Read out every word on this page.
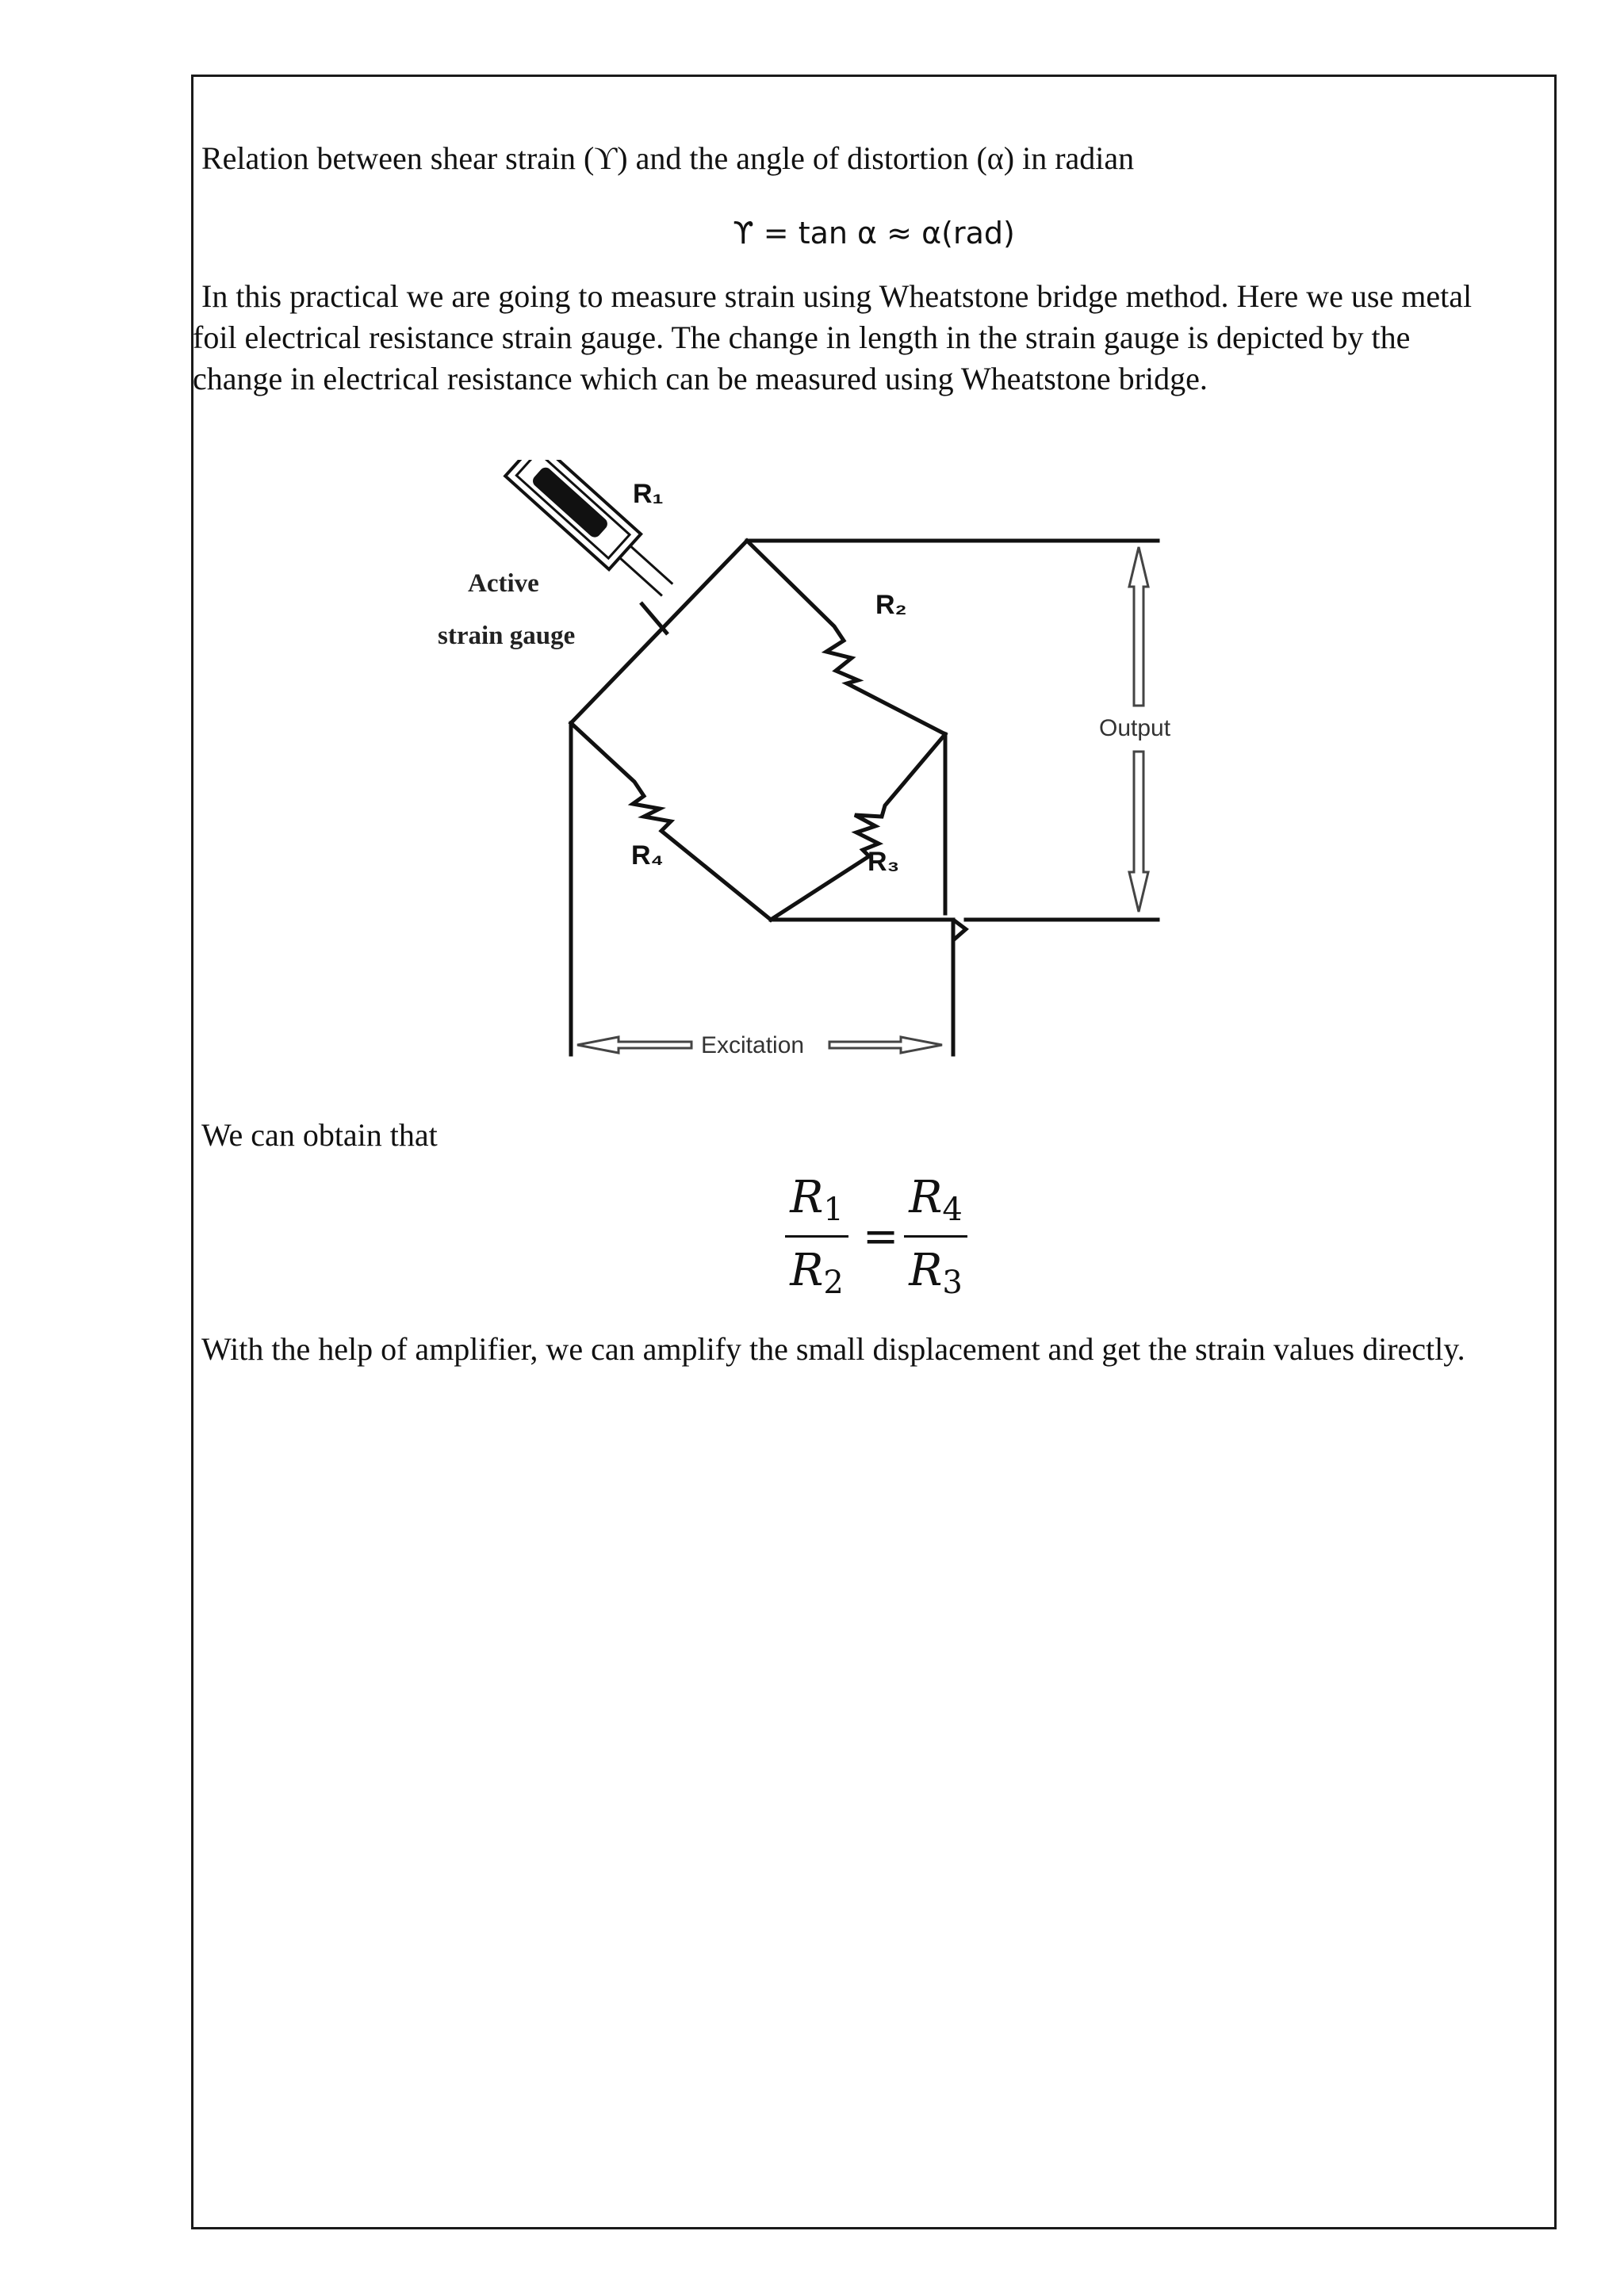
Relation between shear strain (ϒ) and the angle of distortion (α) in radian
ϒ = tan α ≈ α(rad)
In this practical we are going to measure strain using Wheatstone bridge method. Here we use metal
foil electrical resistance strain gauge. The change in length in the strain gauge is depicted by the
change in electrical resistance which can be measured using Wheatstone bridge.
R₁
R₂
R₃
R₄
Active
strain gauge
Output
Excitation
We can obtain that
$R_1$
$R_2$
=
$R_4$
$R_3$
With the help of amplifier, we can amplify the small displacement and get the strain values directly.
